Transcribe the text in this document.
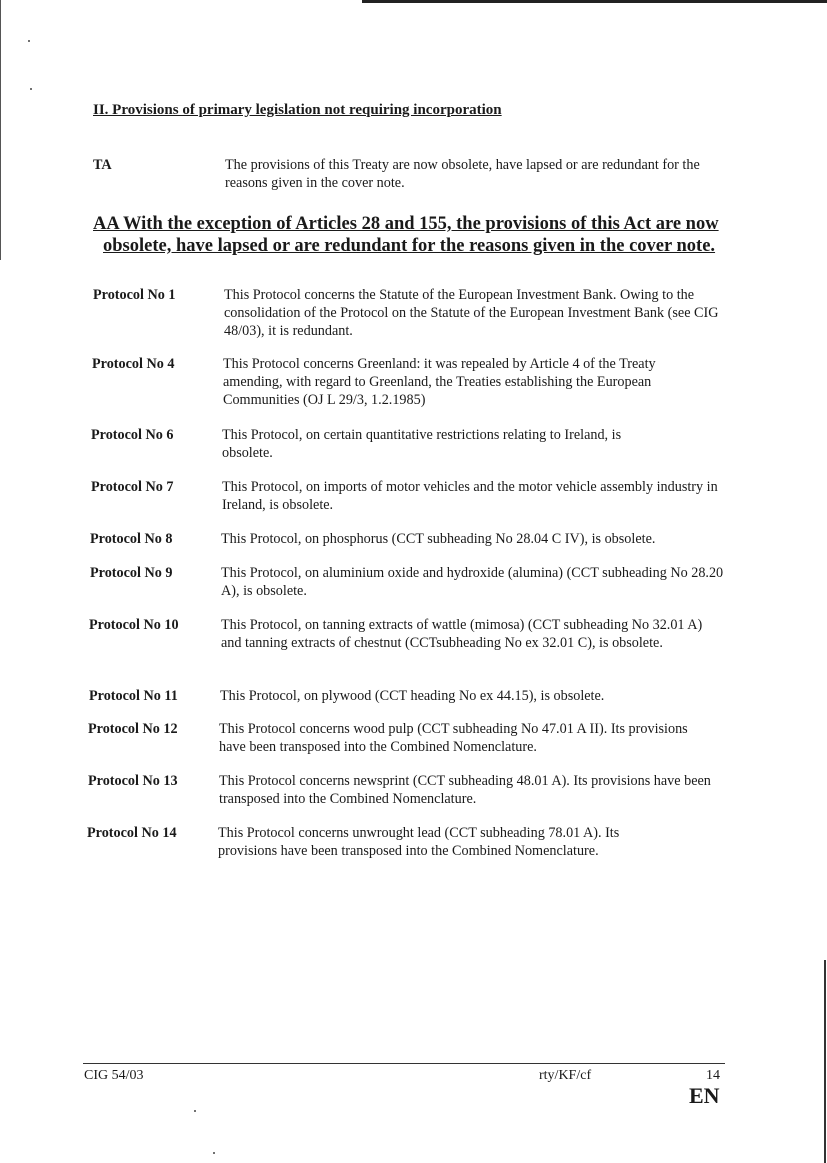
II. Provisions of primary legislation not requiring incorporation
TA	The provisions of this Treaty are now obsolete, have lapsed or are redundant for the reasons given in the cover note.
AA With the exception of Articles 28 and 155, the provisions of this Act are now
obsolete, have lapsed or are redundant for the reasons given in the cover note.
Protocol No 1	This Protocol concerns the Statute of the European Investment Bank. Owing to the consolidation of the Protocol on the Statute of the European Investment Bank (see CIG 48/03), it is redundant.
Protocol No 4	This Protocol concerns Greenland: it was repealed by Article 4 of the Treaty amending, with regard to Greenland, the Treaties establishing the European Communities (OJ L 29/3, 1.2.1985)
Protocol No 6	This Protocol, on certain quantitative restrictions relating to Ireland, is obsolete.
Protocol No 7	This Protocol, on imports of motor vehicles and the motor vehicle assembly industry in Ireland, is obsolete.
Protocol No 8	This Protocol, on phosphorus (CCT subheading No 28.04 C IV), is obsolete.
Protocol No 9	This Protocol, on aluminium oxide and hydroxide (alumina) (CCT subheading No 28.20 A), is obsolete.
Protocol No 10	This Protocol, on tanning extracts of wattle (mimosa) (CCT subheading No 32.01 A) and tanning extracts of chestnut (CCTsubheading No ex 32.01 C), is obsolete.
Protocol No 11	This Protocol, on plywood (CCT heading No ex 44.15), is obsolete.
Protocol No 12	This Protocol concerns wood pulp (CCT subheading No 47.01 A II). Its provisions have been transposed into the Combined Nomenclature.
Protocol No 13	This Protocol concerns newsprint (CCT subheading 48.01 A). Its provisions have been transposed into the Combined Nomenclature.
Protocol No 14	This Protocol concerns unwrought lead (CCT subheading 78.01 A). Its provisions have been transposed into the Combined Nomenclature.
CIG 54/03	rty/KF/cf	14
EN
